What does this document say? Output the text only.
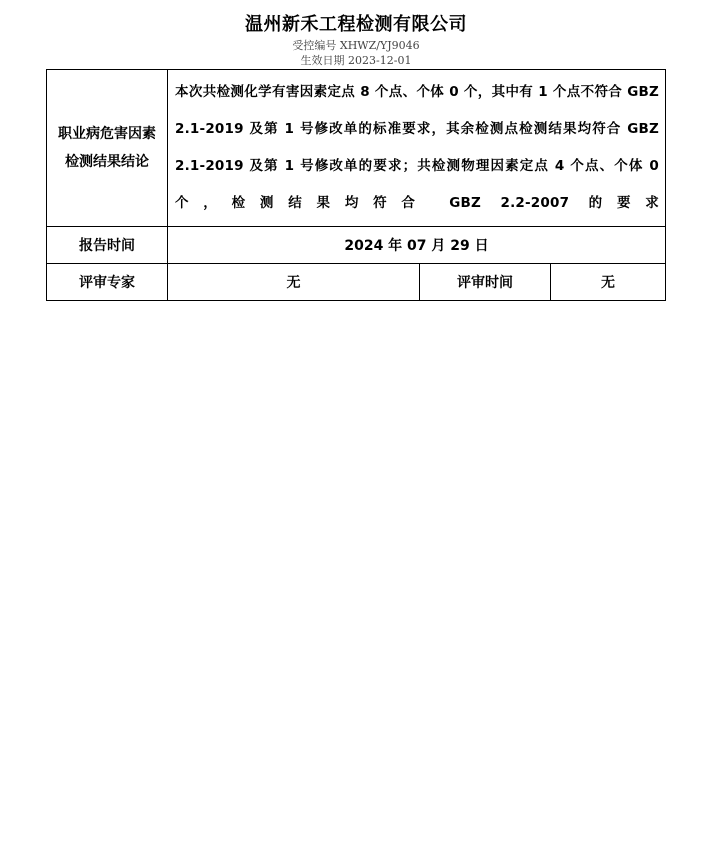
温州新禾工程检测有限公司
受控编号 XHWZ/YJ9046
生效日期 2023-12-01
职业病危害因素检测结果结论	本次共检测化学有害因素定点 8 个点、个体 0 个，其中有 1 个点不符合 GBZ 2.1-2019 及第 1 号修改单的标准要求，其余检测点检测结果均符合 GBZ 2.1-2019 及第 1 号修改单的要求；共检测物理因素定点 4 个点、个体 0 个，检测结果均符合 GBZ 2.2-2007 的要求		
报告时间	2024 年 07 月 29 日		
评审专家	无	评审时间	无
